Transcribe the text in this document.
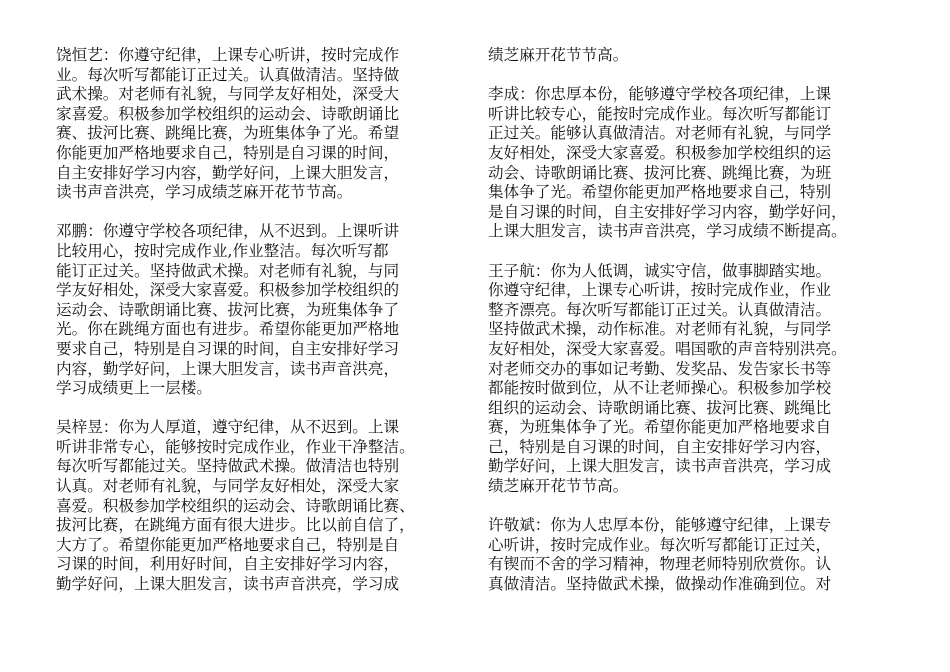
饶恒艺：你遵守纪律，上课专心听讲，按时完成作
业。每次听写都能订正过关。认真做清洁。坚持做
武术操。对老师有礼貌，与同学友好相处，深受大
家喜爱。积极参加学校组织的运动会、诗歌朗诵比
赛、拔河比赛、跳绳比赛，为班集体争了光。希望
你能更加严格地要求自己，特别是自习课的时间，
自主安排好学习内容，勤学好问，上课大胆发言，
读书声音洪亮，学习成绩芝麻开花节节高。
邓鹏：你遵守学校各项纪律，从不迟到。上课听讲
比较用心，按时完成作业,作业整洁。每次听写都
能订正过关。坚持做武术操。对老师有礼貌，与同
学友好相处，深受大家喜爱。积极参加学校组织的
运动会、诗歌朗诵比赛、拔河比赛，为班集体争了
光。你在跳绳方面也有进步。希望你能更加严格地
要求自己，特别是自习课的时间，自主安排好学习
内容，勤学好问，上课大胆发言，读书声音洪亮，
学习成绩更上一层楼。
吴梓昱：你为人厚道，遵守纪律，从不迟到。上课
听讲非常专心，能够按时完成作业，作业干净整洁。
每次听写都能过关。坚持做武术操。做清洁也特别
认真。对老师有礼貌，与同学友好相处，深受大家
喜爱。积极参加学校组织的运动会、诗歌朗诵比赛、
拔河比赛，在跳绳方面有很大进步。比以前自信了，
大方了。希望你能更加严格地要求自己，特别是自
习课的时间，利用好时间，自主安排好学习内容，
勤学好问，上课大胆发言，读书声音洪亮，学习成
绩芝麻开花节节高。
李成：你忠厚本份，能够遵守学校各项纪律，上课
听讲比较专心，能按时完成作业。每次听写都能订
正过关。能够认真做清洁。对老师有礼貌，与同学
友好相处，深受大家喜爱。积极参加学校组织的运
动会、诗歌朗诵比赛、拔河比赛、跳绳比赛，为班
集体争了光。希望你能更加严格地要求自己，特别
是自习课的时间，自主安排好学习内容，勤学好问，
上课大胆发言，读书声音洪亮，学习成绩不断提高。
王子航：你为人低调，诚实守信，做事脚踏实地。
你遵守纪律，上课专心听讲，按时完成作业，作业
整齐漂亮。每次听写都能订正过关。认真做清洁。
坚持做武术操，动作标准。对老师有礼貌，与同学
友好相处，深受大家喜爱。唱国歌的声音特别洪亮。
对老师交办的事如记考勤、发奖品、发告家长书等
都能按时做到位，从不让老师操心。积极参加学校
组织的运动会、诗歌朗诵比赛、拔河比赛、跳绳比
赛，为班集体争了光。希望你能更加严格地要求自
己，特别是自习课的时间，自主安排好学习内容，
勤学好问，上课大胆发言，读书声音洪亮，学习成
绩芝麻开花节节高。
许敬斌：你为人忠厚本份，能够遵守纪律，上课专
心听讲，按时完成作业。每次听写都能订正过关，
有锲而不舍的学习精神，物理老师特别欣赏你。认
真做清洁。坚持做武术操，做操动作准确到位。对
